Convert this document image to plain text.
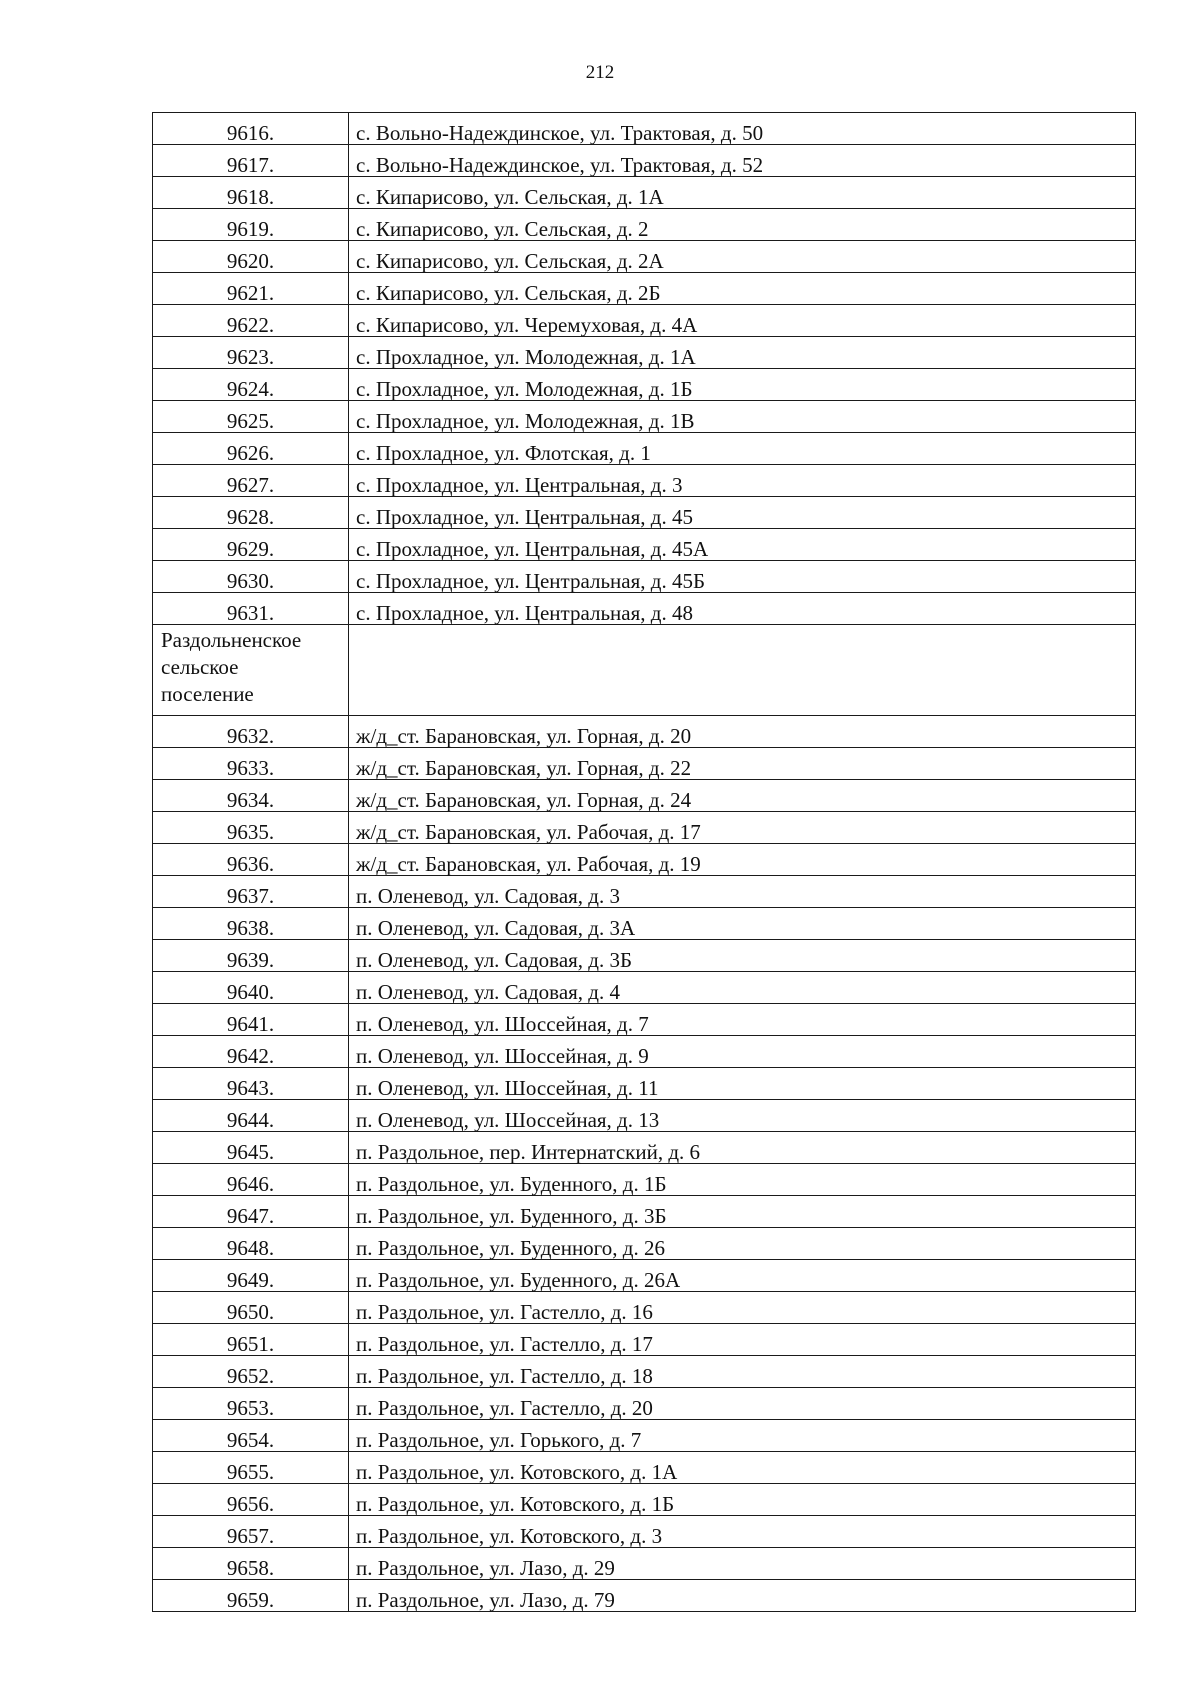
212
9616.	с. Вольно-Надеждинское, ул. Трактовая, д. 50
9617.	с. Вольно-Надеждинское, ул. Трактовая, д. 52
9618.	с. Кипарисово, ул. Сельская, д. 1А
9619.	с. Кипарисово, ул. Сельская, д. 2
9620.	с. Кипарисово, ул. Сельская, д. 2А
9621.	с. Кипарисово, ул. Сельская, д. 2Б
9622.	с. Кипарисово, ул. Черемуховая, д. 4А
9623.	с. Прохладное, ул. Молодежная, д. 1А
9624.	с. Прохладное, ул. Молодежная, д. 1Б
9625.	с. Прохладное, ул. Молодежная, д. 1В
9626.	с. Прохладное, ул. Флотская, д. 1
9627.	с. Прохладное, ул. Центральная, д. 3
9628.	с. Прохладное, ул. Центральная, д. 45
9629.	с. Прохладное, ул. Центральная, д. 45А
9630.	с. Прохладное, ул. Центральная, д. 45Б
9631.	с. Прохладное, ул. Центральная, д. 48

Раздольненское сельское поселение	

9632.	ж/д_ст. Барановская, ул. Горная, д. 20
9633.	ж/д_ст. Барановская, ул. Горная, д. 22
9634.	ж/д_ст. Барановская, ул. Горная, д. 24
9635.	ж/д_ст. Барановская, ул. Рабочая, д. 17
9636.	ж/д_ст. Барановская, ул. Рабочая, д. 19
9637.	п. Оленевод, ул. Садовая, д. 3
9638.	п. Оленевод, ул. Садовая, д. 3А
9639.	п. Оленевод, ул. Садовая, д. 3Б
9640.	п. Оленевод, ул. Садовая, д. 4
9641.	п. Оленевод, ул. Шоссейная, д. 7
9642.	п. Оленевод, ул. Шоссейная, д. 9
9643.	п. Оленевод, ул. Шоссейная, д. 11
9644.	п. Оленевод, ул. Шоссейная, д. 13
9645.	п. Раздольное, пер. Интернатский, д. 6
9646.	п. Раздольное, ул. Буденного, д. 1Б
9647.	п. Раздольное, ул. Буденного, д. 3Б
9648.	п. Раздольное, ул. Буденного, д. 26
9649.	п. Раздольное, ул. Буденного, д. 26А
9650.	п. Раздольное, ул. Гастелло, д. 16
9651.	п. Раздольное, ул. Гастелло, д. 17
9652.	п. Раздольное, ул. Гастелло, д. 18
9653.	п. Раздольное, ул. Гастелло, д. 20
9654.	п. Раздольное, ул. Горького, д. 7
9655.	п. Раздольное, ул. Котовского, д. 1А
9656.	п. Раздольное, ул. Котовского, д. 1Б
9657.	п. Раздольное, ул. Котовского, д. 3
9658.	п. Раздольное, ул. Лазо, д. 29
9659.	п. Раздольное, ул. Лазо, д. 79
